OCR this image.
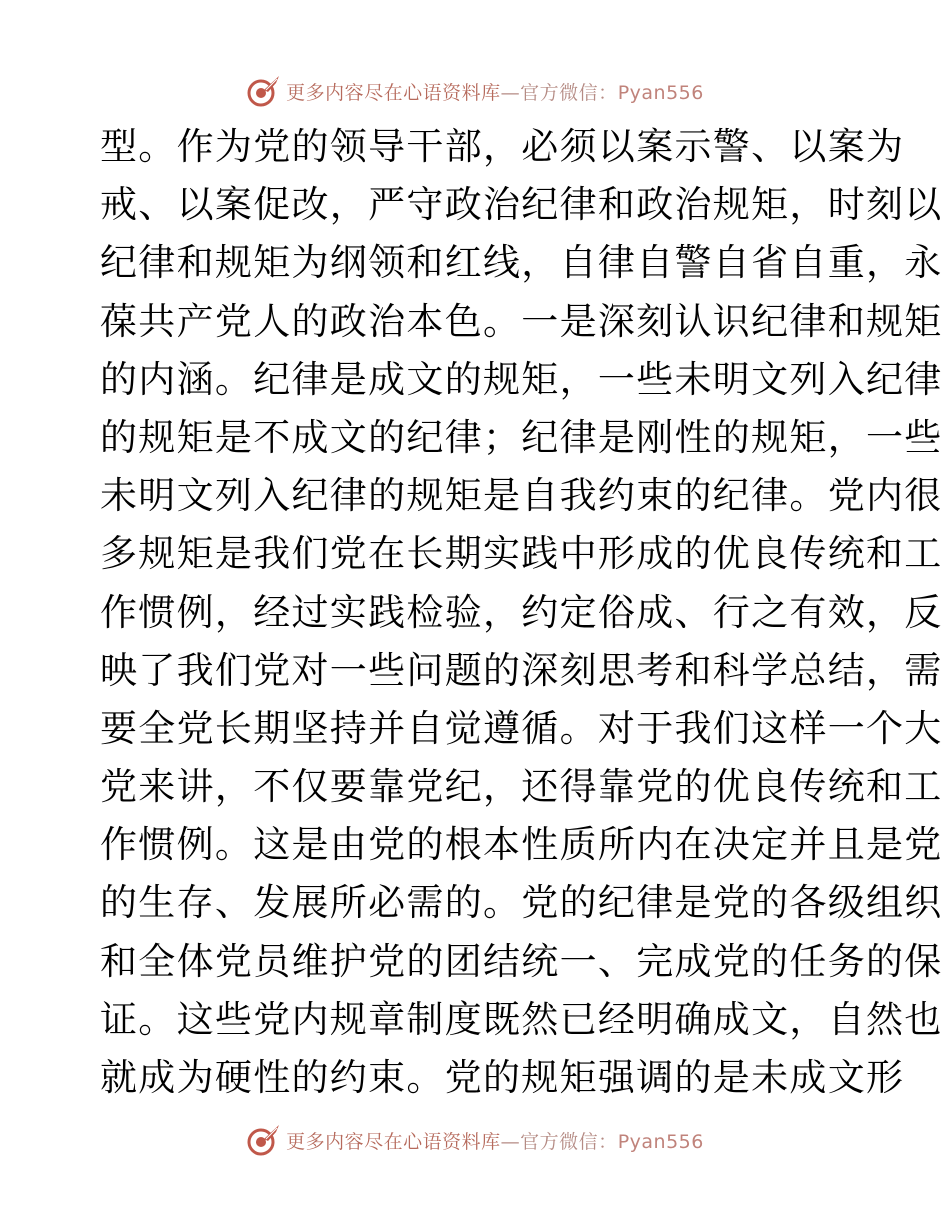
更多内容尽在心语资料库—官方微信：Pyan556
型。作为党的领导干部，必须以案示警、以案为
戒、以案促改，严守政治纪律和政治规矩，时刻以
纪律和规矩为纲领和红线，自律自警自省自重，永
葆共产党人的政治本色。一是深刻认识纪律和规矩
的内涵。纪律是成文的规矩，一些未明文列入纪律
的规矩是不成文的纪律；纪律是刚性的规矩，一些
未明文列入纪律的规矩是自我约束的纪律。党内很
多规矩是我们党在长期实践中形成的优良传统和工
作惯例，经过实践检验，约定俗成、行之有效，反
映了我们党对一些问题的深刻思考和科学总结，需
要全党长期坚持并自觉遵循。对于我们这样一个大
党来讲，不仅要靠党纪，还得靠党的优良传统和工
作惯例。这是由党的根本性质所内在决定并且是党
的生存、发展所必需的。党的纪律是党的各级组织
和全体党员维护党的团结统一、完成党的任务的保
证。这些党内规章制度既然已经明确成文，自然也
就成为硬性的约束。党的规矩强调的是未成文形
更多内容尽在心语资料库—官方微信：Pyan556
